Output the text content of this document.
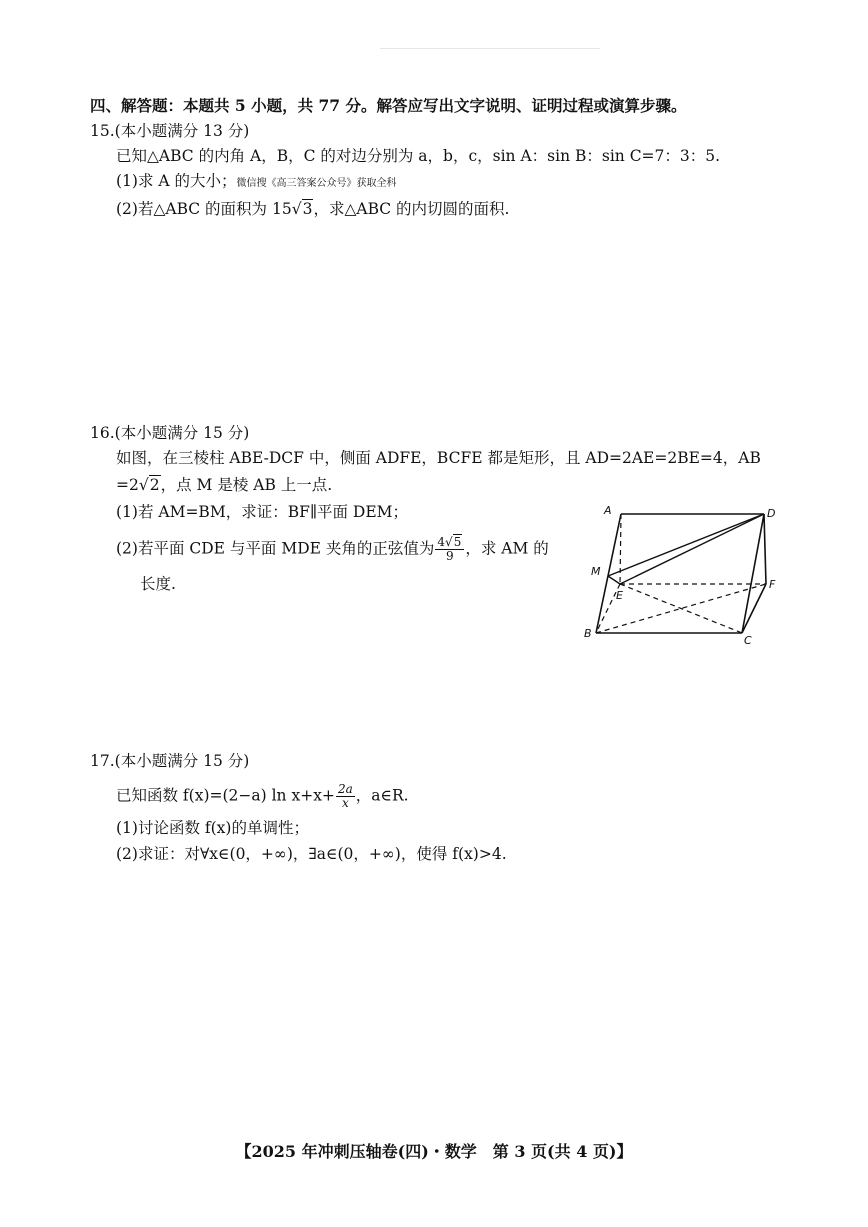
四、解答题：本题共 5 小题，共 77 分。解答应写出文字说明、证明过程或演算步骤。
15.(本小题满分 13 分)
已知△ABC 的内角 A，B，C 的对边分别为 a，b，c，sin A：sin B：sin C=7：3：5.
(1)求 A 的大小；微信搜《高三答案公众号》获取全科
(2)若△ABC 的面积为 15√3，求△ABC 的内切圆的面积.
16.(本小题满分 15 分)
如图，在三棱柱 ABE-DCF 中，侧面 ADFE，BCFE 都是矩形，且 AD=2AE=2BE=4，AB
=2√2，点 M 是棱 AB 上一点.
(1)若 AM=BM，求证：BF∥平面 DEM；
(2)若平面 CDE 与平面 MDE 夹角的正弦值为 $\frac{4√5}{9}$ ，求 AM 的
长度.
A	D
M
E
F
B
C
17.(本小题满分 15 分)
已知函数 f(x)=(2−a) $\ln x+x+ \frac{2a}{x}$ ，a∈R.
(1)讨论函数 f(x)的单调性；
(2)求证：对∀x∈(0，+∞)，∃a∈(0，+∞)，使得 f(x)>4.
【2025 年冲刺压轴卷(四)・数学　第 3 页(共 4 页)】
